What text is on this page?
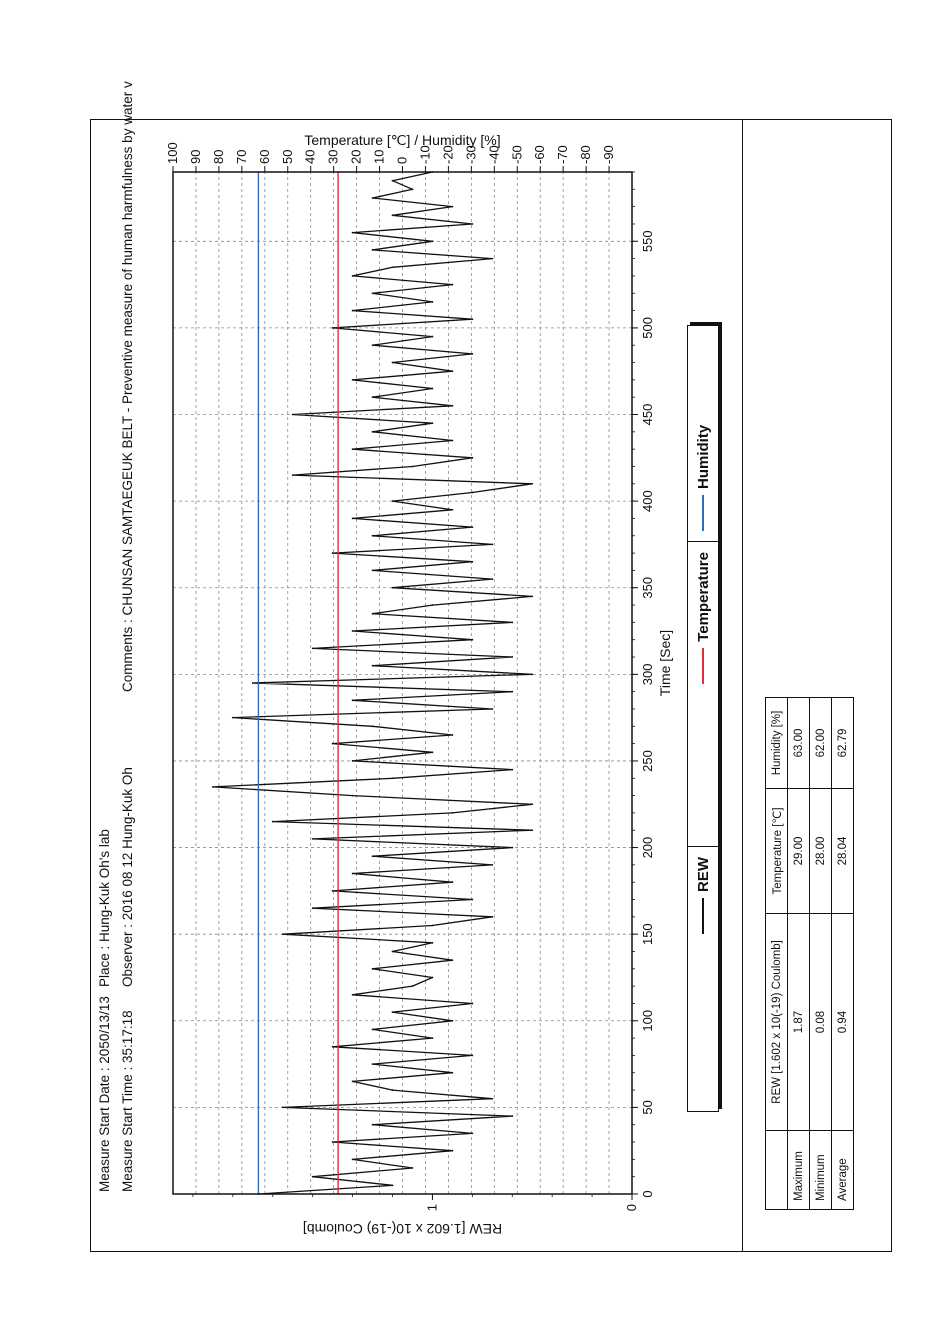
Measure Start Date : 2050/13/13 Measure Start Time : 35:17:18
Place : Hung-Kuk Oh's lab Observer : 2016 08 12 Hung-Kuk Oh
Comments : CHUNSAN SAMTAEGEUK BELT - Preventive measure of human harmfulness by water v
0
50
100
150
200
250
300
350
400
450
500
550
100 90 80 70 60 50 40 30 20 10 0 -10 -20 -30 -40 -50 -60 -70 -80 -90
0
1
Time [Sec]
REW [1.602 x 10(-19) Coulomb]
Temperature [℃] / Humidity [%]
REW
Temperature
Humidity
	REW [1.602 x 10(-19) Coulomb]	Temperature [℃]	Humidity [%]
Maximum	1.87	29.00	63.00
Minimum	0.08	28.00	62.00
Average	0.94	28.04	62.79
